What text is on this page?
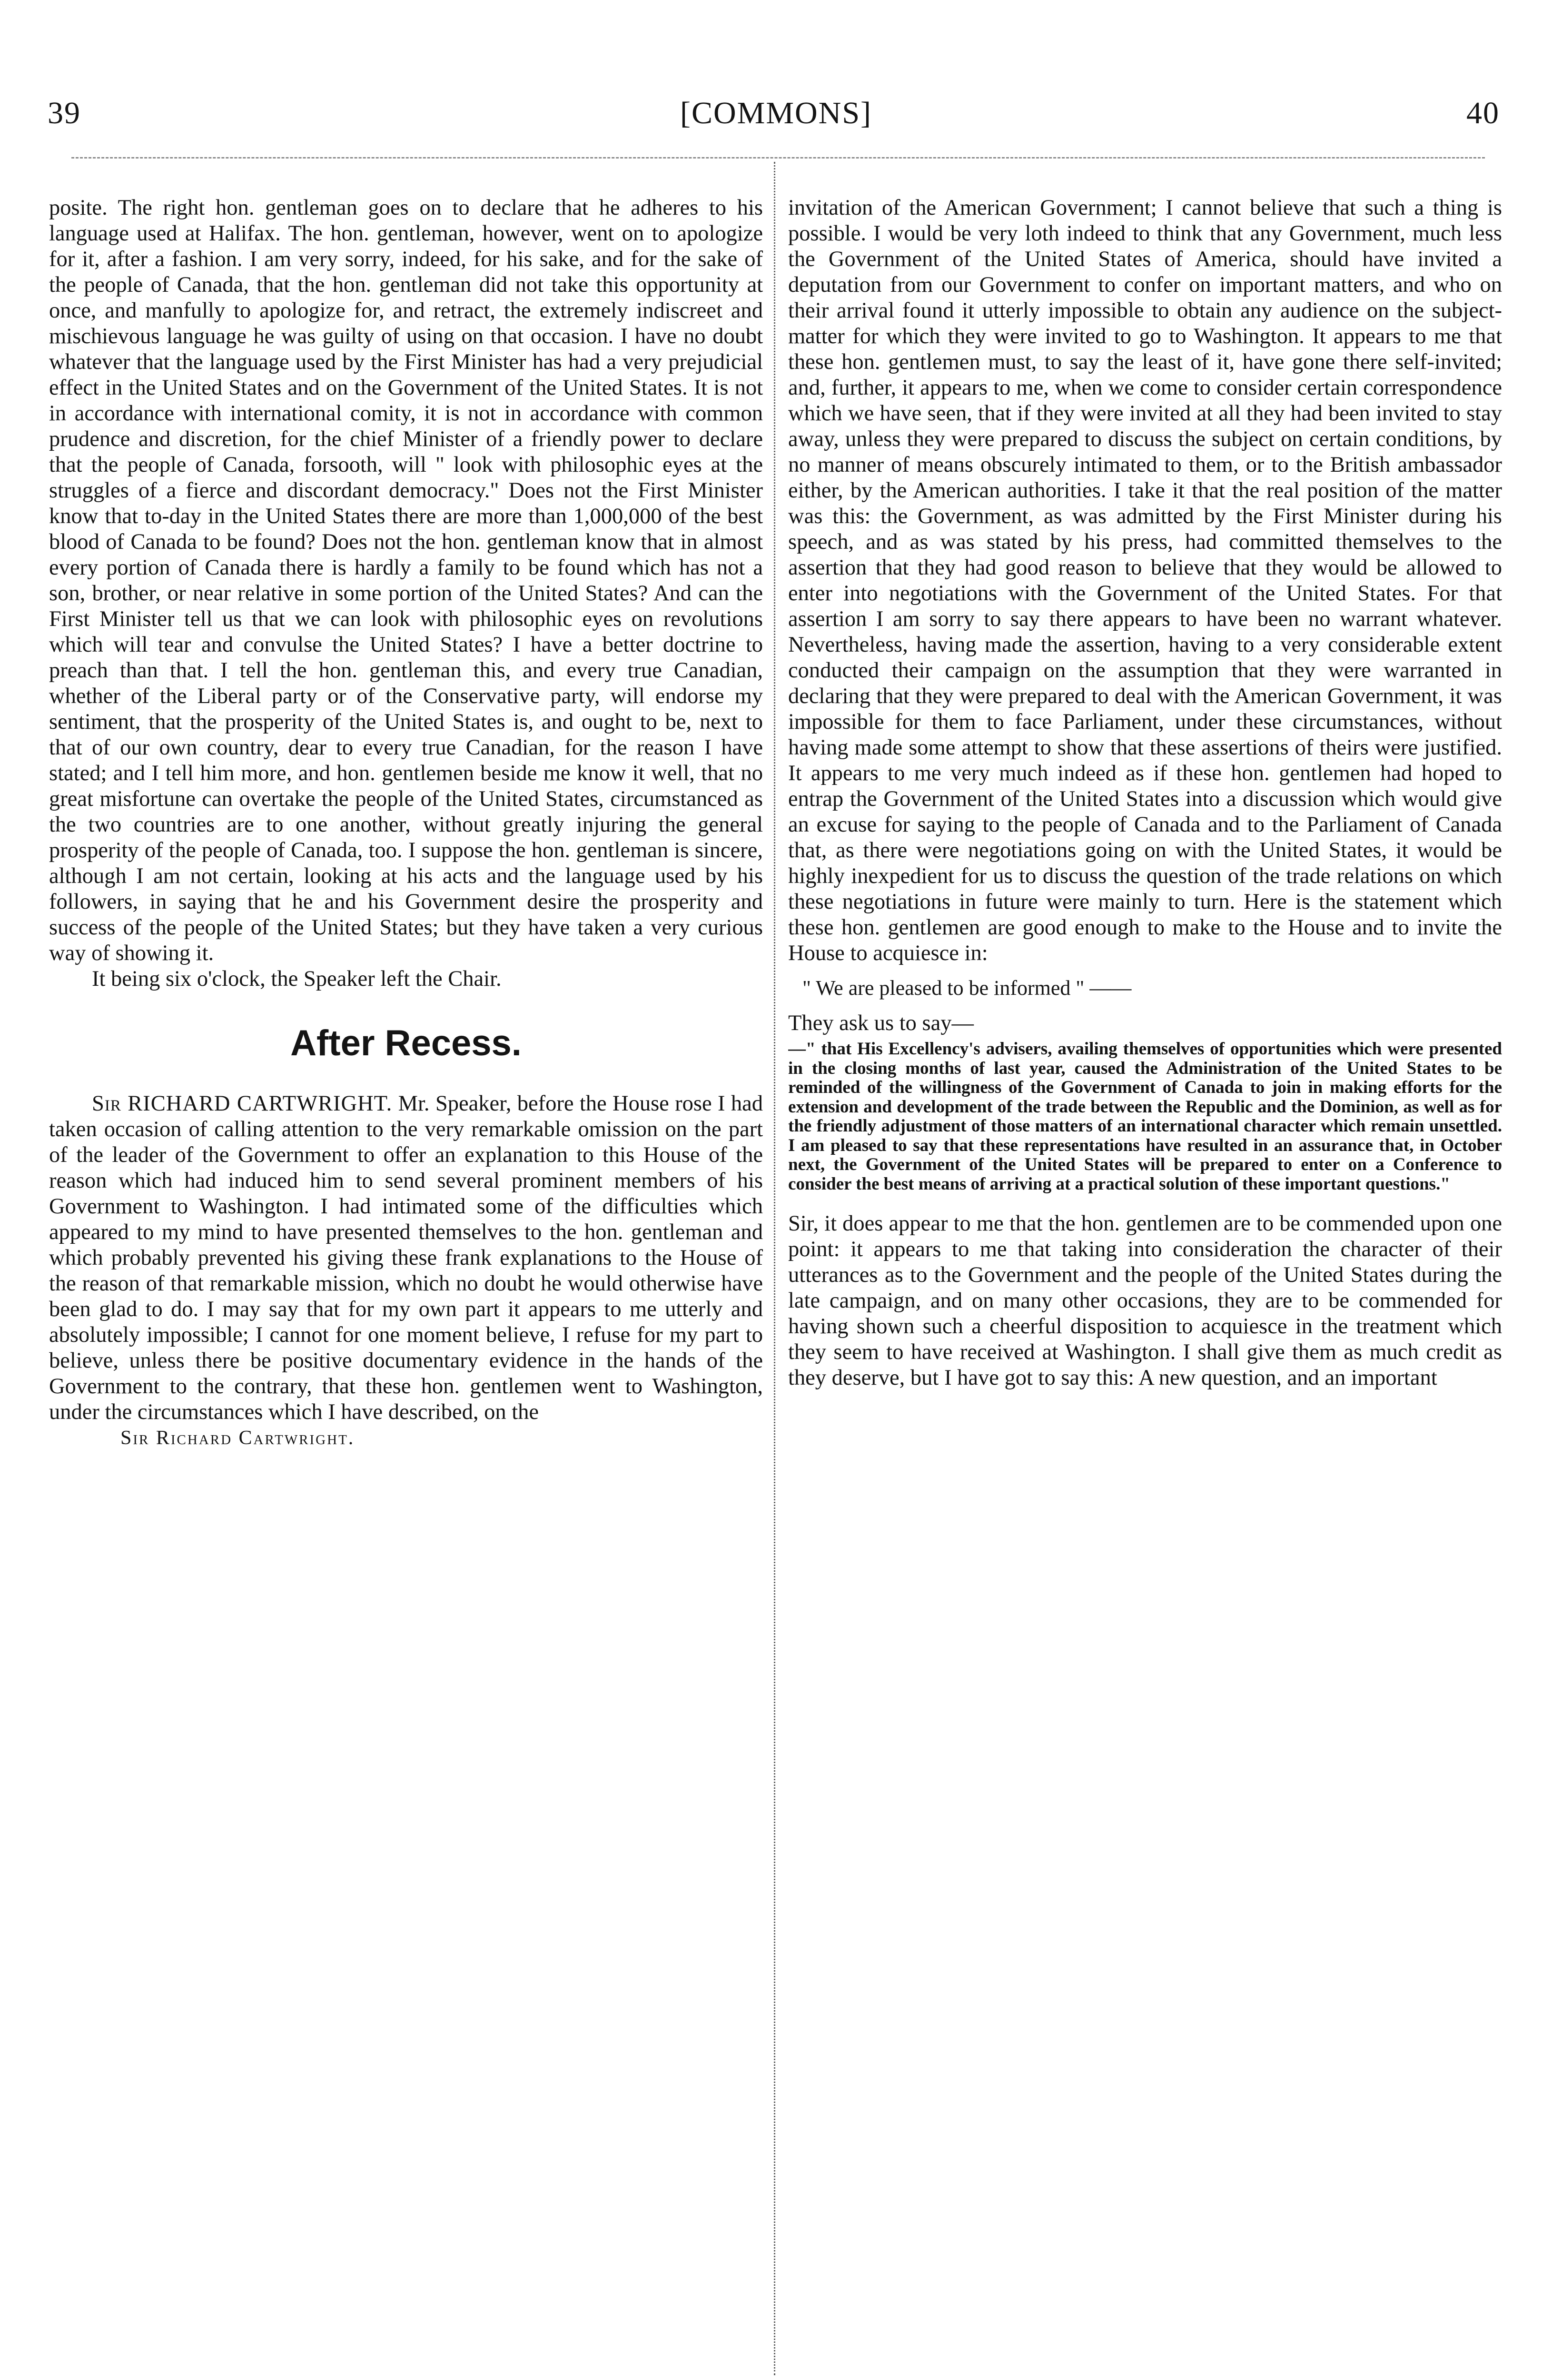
39	[COMMONS]	40

posite. The right hon. gentleman goes on to declare that he adheres to his language used at Halifax. The hon. gentleman, however, went on to apologize for it, after a fashion. I am very sorry, indeed, for his sake, and for the sake of the people of Canada, that the hon. gentleman did not take this opportunity at once, and manfully to apologize for, and retract, the extremely indiscreet and mischievous language he was guilty of using on that occasion. I have no doubt whatever that the language used by the First Minister has had a very prejudicial effect in the United States and on the Government of the United States. It is not in accordance with international comity, it is not in accordance with common prudence and discretion, for the chief Minister of a friendly power to declare that the people of Canada, forsooth, will " look with philosophic eyes at the struggles of a fierce and discordant democracy." Does not the First Minister know that to-day in the United States there are more than 1,000,000 of the best blood of Canada to be found? Does not the hon. gentleman know that in almost every portion of Canada there is hardly a family to be found which has not a son, brother, or near relative in some portion of the United States? And can the First Minister tell us that we can look with philosophic eyes on revolutions which will tear and convulse the United States? I have a better doctrine to preach than that. I tell the hon. gentleman this, and every true Canadian, whether of the Liberal party or of the Conservative party, will endorse my sentiment, that the prosperity of the United States is, and ought to be, next to that of our own country, dear to every true Canadian, for the reason I have stated; and I tell him more, and hon. gentlemen beside me know it well, that no great misfortune can overtake the people of the United States, circumstanced as the two countries are to one another, without greatly injuring the general prosperity of the people of Canada, too. I suppose the hon. gentleman is sincere, although I am not certain, looking at his acts and the language used by his followers, in saying that he and his Government desire the prosperity and success of the people of the United States; but they have taken a very curious way of showing it.

It being six o'clock, the Speaker left the Chair.

After Recess.

Sir RICHARD CARTWRIGHT. Mr. Speaker, before the House rose I had taken occasion of calling attention to the very remarkable omission on the part of the leader of the Government to offer an explanation to this House of the reason which had induced him to send several prominent members of his Government to Washington. I had intimated some of the difficulties which appeared to my mind to have presented themselves to the hon. gentleman and which probably prevented his giving these frank explanations to the House of the reason of that remarkable mission, which no doubt he would otherwise have been glad to do. I may say that for my own part it appears to me utterly and absolutely impossible; I cannot for one moment believe, I refuse for my part to believe, unless there be positive documentary evidence in the hands of the Government to the contrary, that these hon. gentlemen went to Washington, under the circumstances which I have described, on the

Sir Richard Cartwright.

invitation of the American Government; I cannot believe that such a thing is possible. I would be very loth indeed to think that any Government, much less the Government of the United States of America, should have invited a deputation from our Government to confer on important matters, and who on their arrival found it utterly impossible to obtain any audience on the subject-matter for which they were invited to go to Washington. It appears to me that these hon. gentlemen must, to say the least of it, have gone there self-invited; and, further, it appears to me, when we come to consider certain correspondence which we have seen, that if they were invited at all they had been invited to stay away, unless they were prepared to discuss the subject on certain conditions, by no manner of means obscurely intimated to them, or to the British ambassador either, by the American authorities. I take it that the real position of the matter was this: the Government, as was admitted by the First Minister during his speech, and as was stated by his press, had committed themselves to the assertion that they had good reason to believe that they would be allowed to enter into negotiations with the Government of the United States. For that assertion I am sorry to say there appears to have been no warrant whatever. Nevertheless, having made the assertion, having to a very considerable extent conducted their campaign on the assumption that they were warranted in declaring that they were prepared to deal with the American Government, it was impossible for them to face Parliament, under these circumstances, without having made some attempt to show that these assertions of theirs were justified. It appears to me very much indeed as if these hon. gentlemen had hoped to entrap the Government of the United States into a discussion which would give an excuse for saying to the people of Canada and to the Parliament of Canada that, as there were negotiations going on with the United States, it would be highly inexpedient for us to discuss the question of the trade relations on which these negotiations in future were mainly to turn. Here is the statement which these hon. gentlemen are good enough to make to the House and to invite the House to acquiesce in:

" We are pleased to be informed " ——
They ask us to say—

—" that His Excellency's advisers, availing themselves of opportunities which were presented in the closing months of last year, caused the Administration of the United States to be reminded of the willingness of the Government of Canada to join in making efforts for the extension and development of the trade between the Republic and the Dominion, as well as for the friendly adjustment of those matters of an international character which remain unsettled. I am pleased to say that these representations have resulted in an assurance that, in October next, the Government of the United States will be prepared to enter on a Conference to consider the best means of arriving at a practical solution of these important questions."

Sir, it does appear to me that the hon. gentlemen are to be commended upon one point: it appears to me that taking into consideration the character of their utterances as to the Government and the people of the United States during the late campaign, and on many other occasions, they are to be commended for having shown such a cheerful disposition to acquiesce in the treatment which they seem to have received at Washington. I shall give them as much credit as they deserve, but I have got to say this: A new question, and an important
